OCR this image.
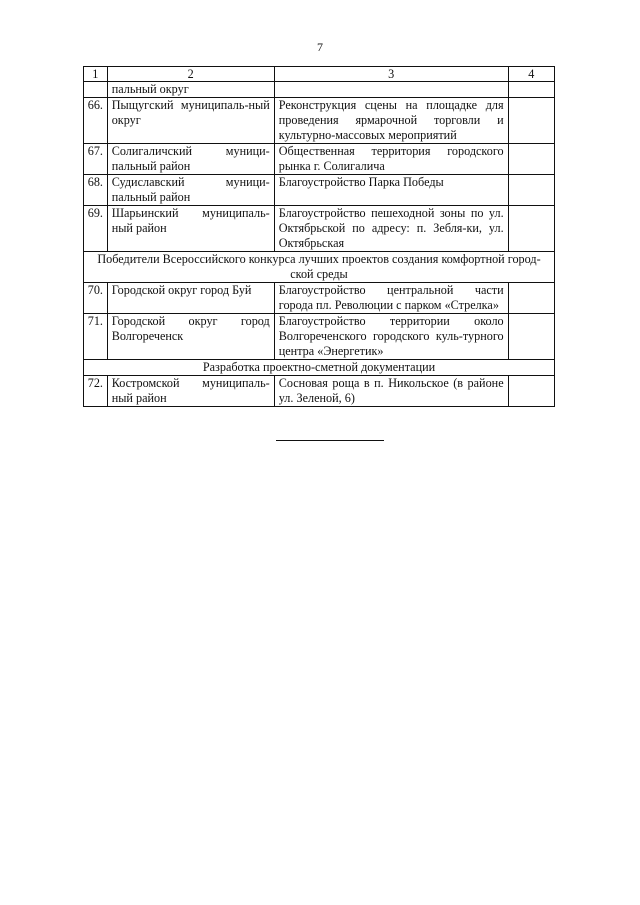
7
1	2	3	4
	пальный округ		
66.	Пыщугский муниципаль-ный округ	Реконструкция сцены на площадке для проведения ярмарочной торговли и культурно-массовых мероприятий	
67.	Солигаличский муници-пальный район	Общественная территория городского рынка г. Солигалича	
68.	Судиславский муници-пальный район	Благоустройство Парка Победы	
69.	Шарьинский муниципаль-ный район	Благоустройство пешеходной зоны по ул. Октябрьской по адресу: п. Зебля-ки, ул. Октябрьская	
Победители Всероссийского конкурса лучших проектов создания комфортной город-ской среды			
70.	Городской округ город Буй	Благоустройство центральной части города пл. Революции с парком «Стрелка»	
71.	Городской округ город Волгореченск	Благоустройство территории около Волгореченского городского куль-турного центра «Энергетик»	
Разработка проектно-сметной документации			
72.	Костромской муниципаль-ный район	Сосновая роща в п. Никольское (в районе ул. Зеленой, 6)	
